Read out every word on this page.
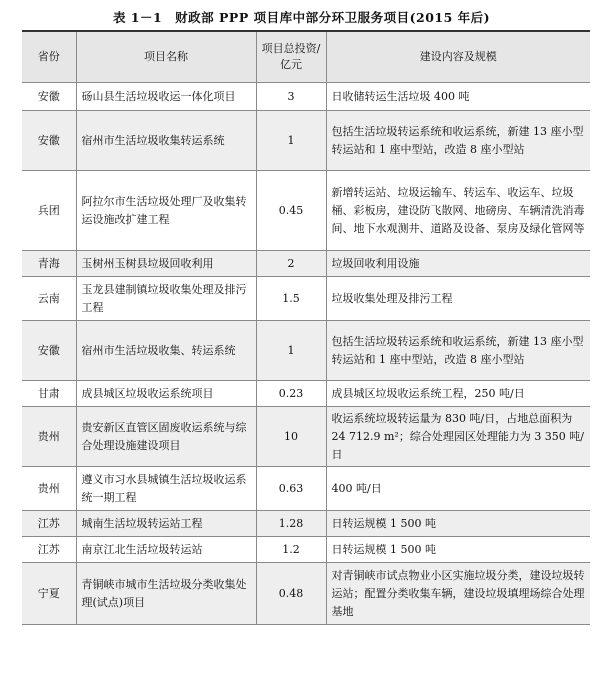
表 1－1　财政部 PPP 项目库中部分环卫服务项目(2015 年后)
省份	项目名称	项目总投资/亿元	建设内容及规模
安徽	砀山县生活垃圾收运一体化项目	3	日收储转运生活垃圾 400 吨
安徽	宿州市生活垃圾收集转运系统	1	包括生活垃圾转运系统和收运系统，新建 13 座小型转运站和 1 座中型站，改造 8 座小型站
兵团	阿拉尔市生活垃圾处理厂及收集转运设施改扩建工程	0.45	新增转运站、垃圾运输车、转运车、收运车、垃圾桶、彩板房，建设防飞散网、地磅房、车辆清洗消毒间、地下水观测井、道路及设备、泵房及绿化管网等
青海	玉树州玉树县垃圾回收利用	2	垃圾回收利用设施
云南	玉龙县建制镇垃圾收集处理及排污工程	1.5	垃圾收集处理及排污工程
安徽	宿州市生活垃圾收集、转运系统	1	包括生活垃圾转运系统和收运系统，新建 13 座小型转运站和 1 座中型站，改造 8 座小型站
甘肃	成县城区垃圾收运系统项目	0.23	成县城区垃圾收运系统工程，250 吨/日
贵州	贵安新区直管区固废收运系统与综合处理设施建设项目	10	收运系统垃圾转运量为 830 吨/日，占地总面积为 24 712.9 m²；综合处理园区处理能力为 3 350 吨/日
贵州	遵义市习水县城镇生活垃圾收运系统一期工程	0.63	400 吨/日
江苏	城南生活垃圾转运站工程	1.28	日转运规模 1 500 吨
江苏	南京江北生活垃圾转运站	1.2	日转运规模 1 500 吨
宁夏	青铜峡市城市生活垃圾分类收集处理(试点)项目	0.48	对青铜峡市试点物业小区实施垃圾分类，建设垃圾转运站；配置分类收集车辆，建设垃圾填埋场综合处理基地
